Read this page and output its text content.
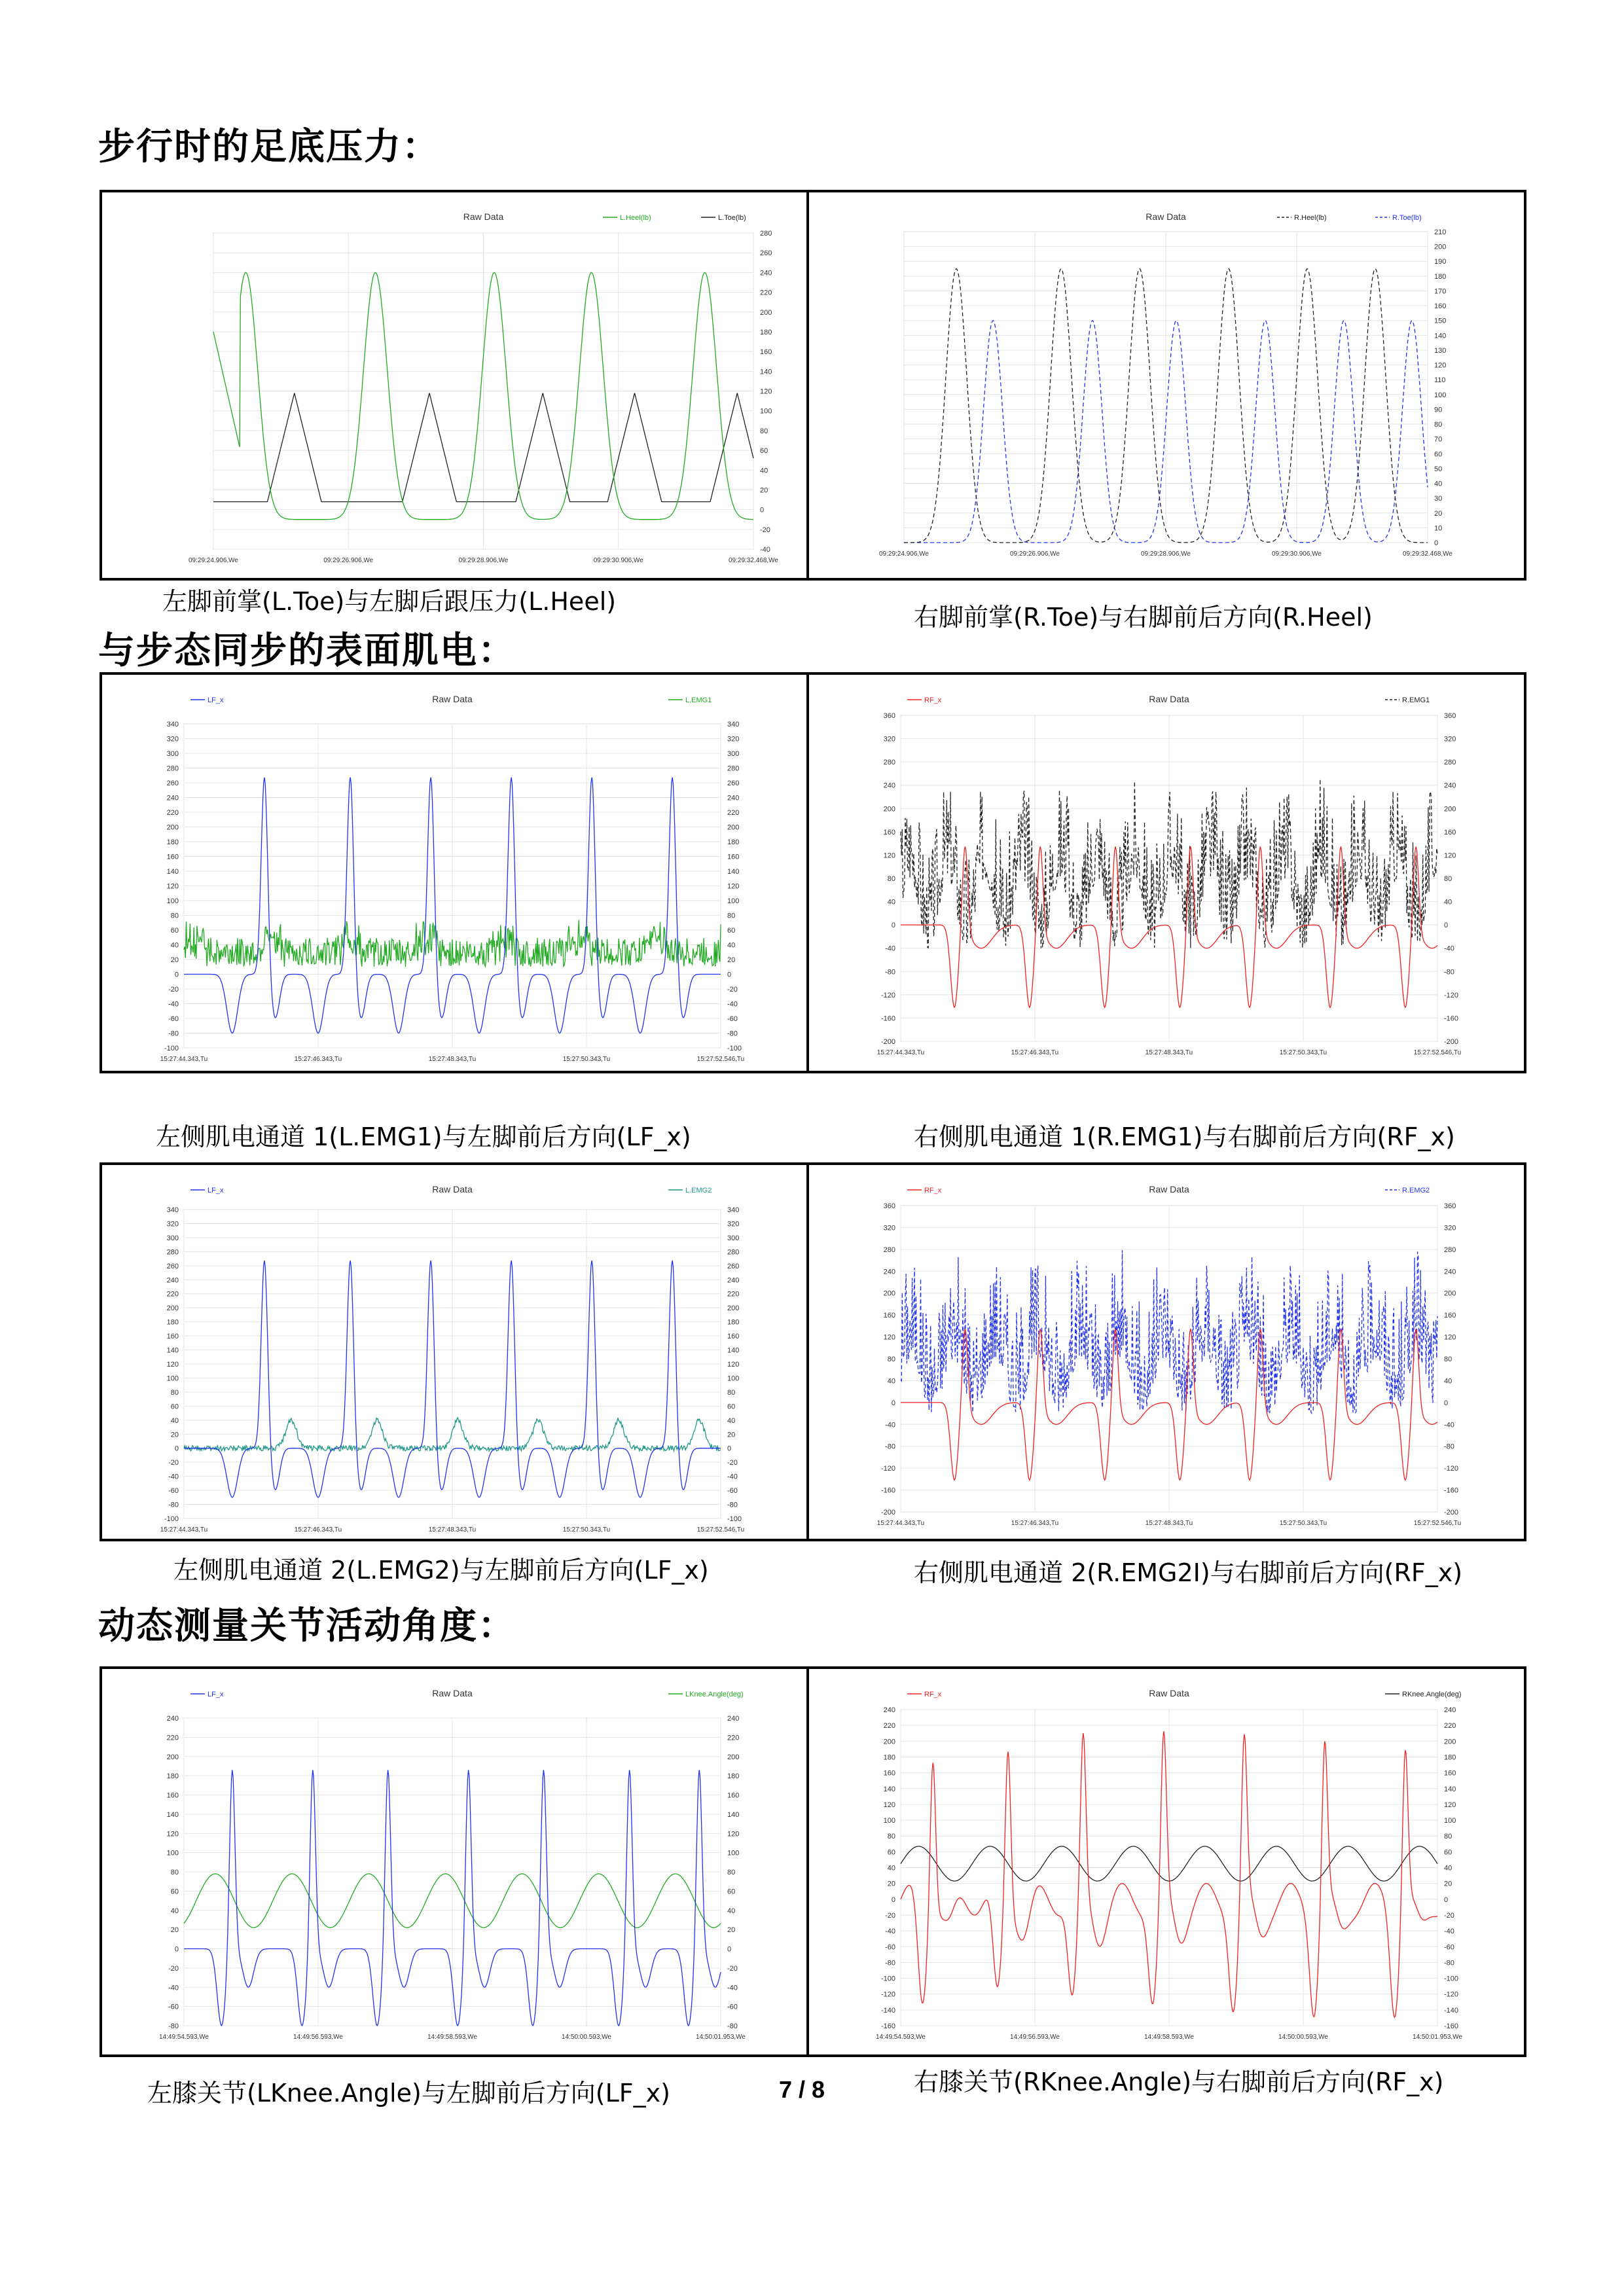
步行时的足底压力：
与步态同步的表面肌电：
动态测量关节活动角度：
Raw Data	L.Heel(lb)	L.Toe(lb)
280
260
240
220
200
180
160
140
120
100
80
60
40
20
0
-20
-40
09:29:24.906,We	09:29:26.906,We	09:29:28.906,We	09:29:30.906,We	09:29:32.468,We
Raw Data	R.Heel(lb)	R.Toe(lb)
210
200
190
180
170
160
150
140
130
120
110
100
90
80
70
60
50
40
30
20
10
0
09:29:24.906,We	09:29:26.906,We	09:29:28.906,We	09:29:30.906,We	09:29:32.468,We
左脚前掌(L.Toe)与左脚后跟压力(L.Heel)
右脚前掌(R.Toe)与右脚前后方向(R.Heel)
Raw Data
LF_x	L.EMG1
340
340
320
320
300
300
280
280
260
260
240
240
220
220
200
200
180
180
160
160
140
140
120
120
100
100
80
80
60
60
40
40
20
20
0
0
-20
-20
-40
-40
-60
-60
-80
-80
-100
-100
15:27:44.343,Tu	15:27:46.343,Tu	15:27:48.343,Tu	15:27:50.343,Tu	15:27:52.546,Tu
Raw Data
RF_x	R.EMG1
360
360
320
320
280
280
240
240
200
200
160
160
120
120
80
80
40
40
0
0
-40
-40
-80
-80
-120
-120
-160
-160
-200
-200
15:27:44.343,Tu	15:27:46.343,Tu	15:27:48.343,Tu	15:27:50.343,Tu	15:27:52.546,Tu
左侧肌电通道 1(L.EMG1)与左脚前后方向(LF_x)	右侧肌电通道 1(R.EMG1)与右脚前后方向(RF_x)
Raw Data
LF_x	L.EMG2
340
340
320
320
300
300
280
280
260
260
240
240
220
220
200
200
180
180
160
160
140
140
120
120
100
100
80
80
60
60
40
40
20
20
0
0
-20
-20
-40
-40
-60
-60
-80
-80
-100
-100
15:27:44.343,Tu	15:27:46.343,Tu	15:27:48.343,Tu	15:27:50.343,Tu	15:27:52.546,Tu
Raw Data
RF_x	R.EMG2
360
360
320
320
280
280
240
240
200
200
160
160
120
120
80
80
40
40
0
0
-40
-40
-80
-80
-120
-120
-160
-160
-200
-200
15:27:44.343,Tu	15:27:46.343,Tu	15:27:48.343,Tu	15:27:50.343,Tu	15:27:52.546,Tu
左侧肌电通道 2(L.EMG2)与左脚前后方向(LF_x)	右侧肌电通道 2(R.EMG2I)与右脚前后方向(RF_x)
Raw Data
LF_x	LKnee.Angle(deg)
240
240
220
220
200
200
180
180
160
160
140
140
120
120
100
100
80
80
60
60
40
40
20
20
0
0
-20
-20
-40
-40
-60
-60
-80
-80
14:49:54.593,We	14:49:56.593,We	14:49:58.593,We	14:50:00.593,We	14:50:01.953,We
Raw Data
RF_x	RKnee.Angle(deg)
240
240
220
220
200
200
180
180
160
160
140
140
120
120
100
100
80
80
60
60
40
40
20
20
0
0
-20
-20
-40
-40
-60
-60
-80
-80
-100
-100
-120
-120
-140
-140
-160
-160
14:49:54.593,We	14:49:56.593,We	14:49:58.593,We	14:50:00.593,We	14:50:01.953,We
左膝关节(LKnee.Angle)与左脚前后方向(LF_x)	右膝关节(RKnee.Angle)与右脚前后方向(RF_x)
7 / 8
